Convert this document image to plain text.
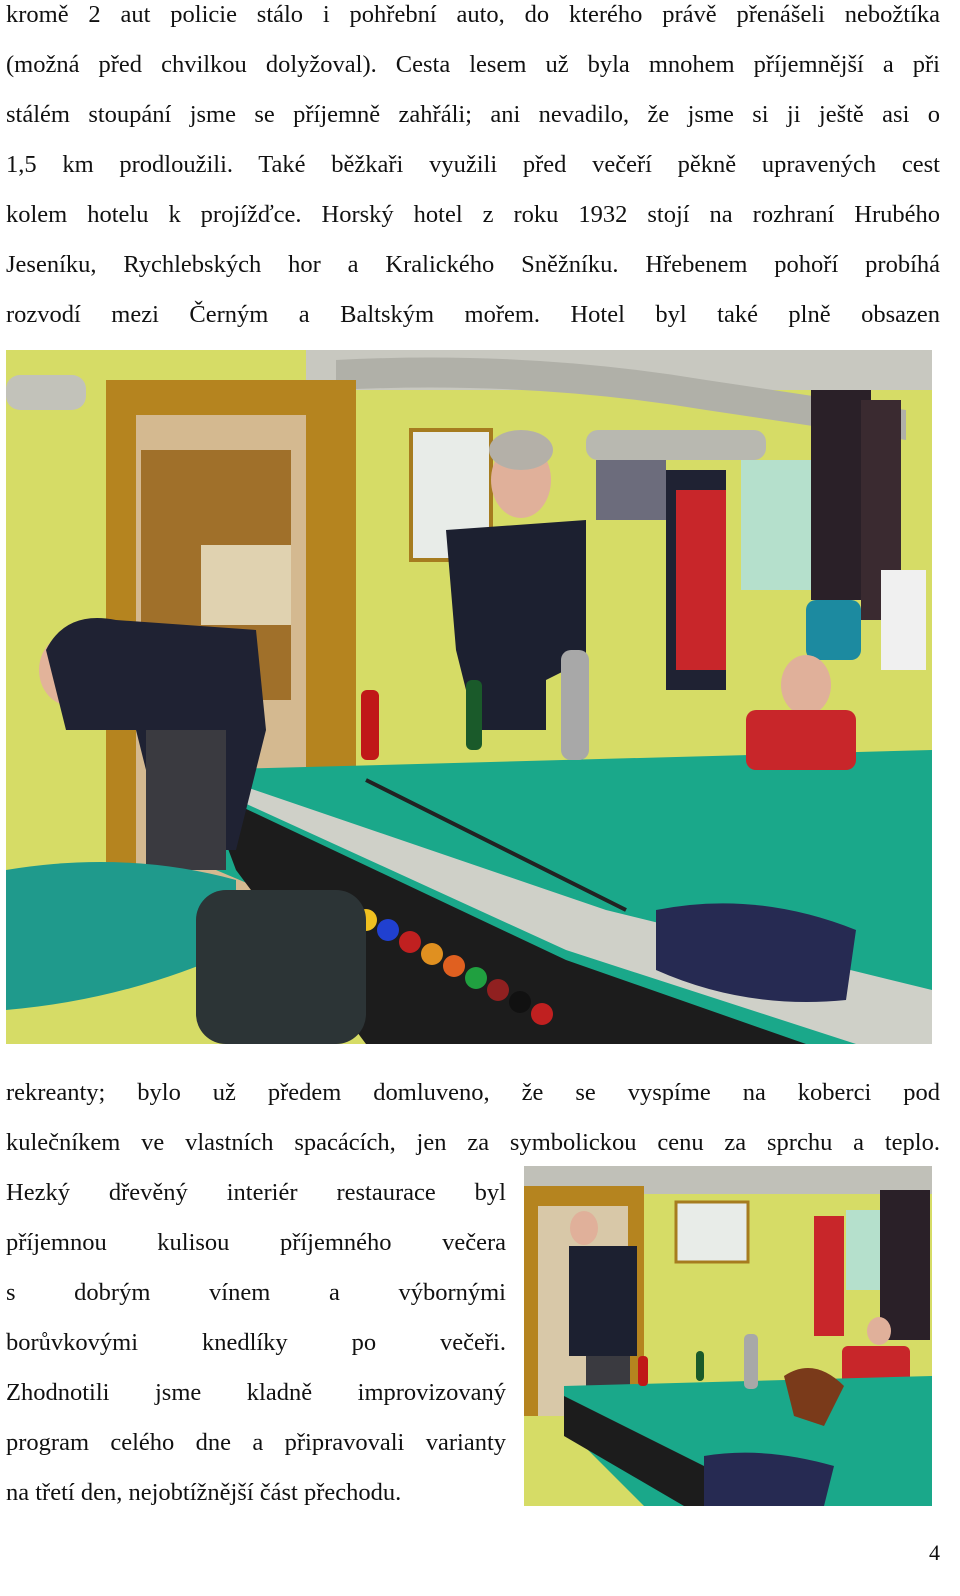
kromě 2 aut policie stálo i pohřební auto, do kterého právě přenášeli nebožtíka
(možná před chvilkou dolyžoval). Cesta lesem už byla mnohem příjemnější a při
stálém stoupání jsme se příjemně zahřáli; ani nevadilo, že jsme si ji ještě asi o
1,5 km prodloužili. Také běžkaři využili před večeří pěkně upravených cest
kolem hotelu k projížďce. Horský hotel z roku 1932 stojí na rozhraní Hrubého
Jeseníku, Rychlebských hor a Kralického Sněžníku. Hřebenem pohoří probíhá
rozvodí mezi Černým a Baltským mořem. Hotel byl také plně obsazen
rekreanty; bylo už předem domluveno, že se vyspíme na koberci pod
kulečníkem ve vlastních spacácích, jen za symbolickou cenu za sprchu a teplo.
Hezký dřevěný interiér restaurace byl
příjemnou kulisou příjemného večera
s dobrým vínem a výbornými
borůvkovými knedlíky po večeři.
Zhodnotili jsme kladně improvizovaný
program celého dne a připravovali varianty
na třetí den, nejobtížnější část přechodu.
4
